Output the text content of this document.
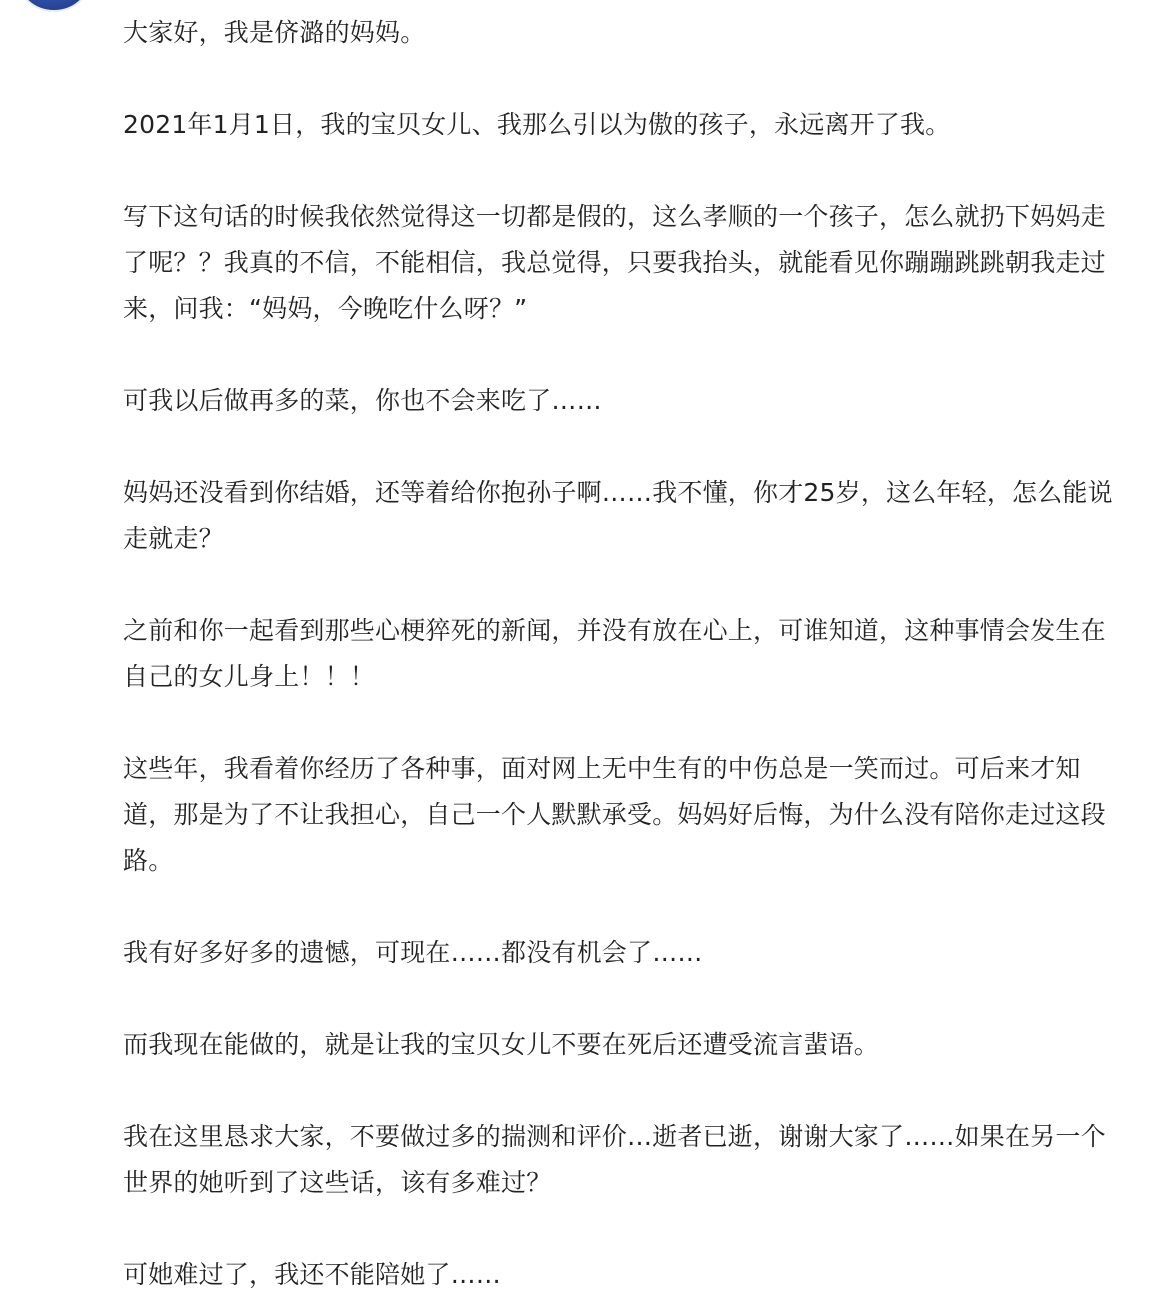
大家好，我是侪潞的妈妈。

2021年1月1日，我的宝贝女儿、我那么引以为傲的孩子，永远离开了我。

写下这句话的时候我依然觉得这一切都是假的，这么孝顺的一个孩子，怎么就扔下妈妈走了呢？？我真的不信，不能相信，我总觉得，只要我抬头，就能看见你蹦蹦跳跳朝我走过来，问我：“妈妈，今晚吃什么呀？”

可我以后做再多的菜，你也不会来吃了……

妈妈还没看到你结婚，还等着给你抱孙子啊……我不懂，你才25岁，这么年轻，怎么能说走就走？

之前和你一起看到那些心梗猝死的新闻，并没有放在心上，可谁知道，这种事情会发生在自己的女儿身上！！！

这些年，我看着你经历了各种事，面对网上无中生有的中伤总是一笑而过。可后来才知道，那是为了不让我担心，自己一个人默默承受。妈妈好后悔，为什么没有陪你走过这段路。

我有好多好多的遗憾，可现在……都没有机会了……

而我现在能做的，就是让我的宝贝女儿不要在死后还遭受流言蜚语。

我在这里恳求大家，不要做过多的揣测和评价…逝者已逝，谢谢大家了……如果在另一个世界的她听到了这些话，该有多难过？

可她难过了，我还不能陪她了……
